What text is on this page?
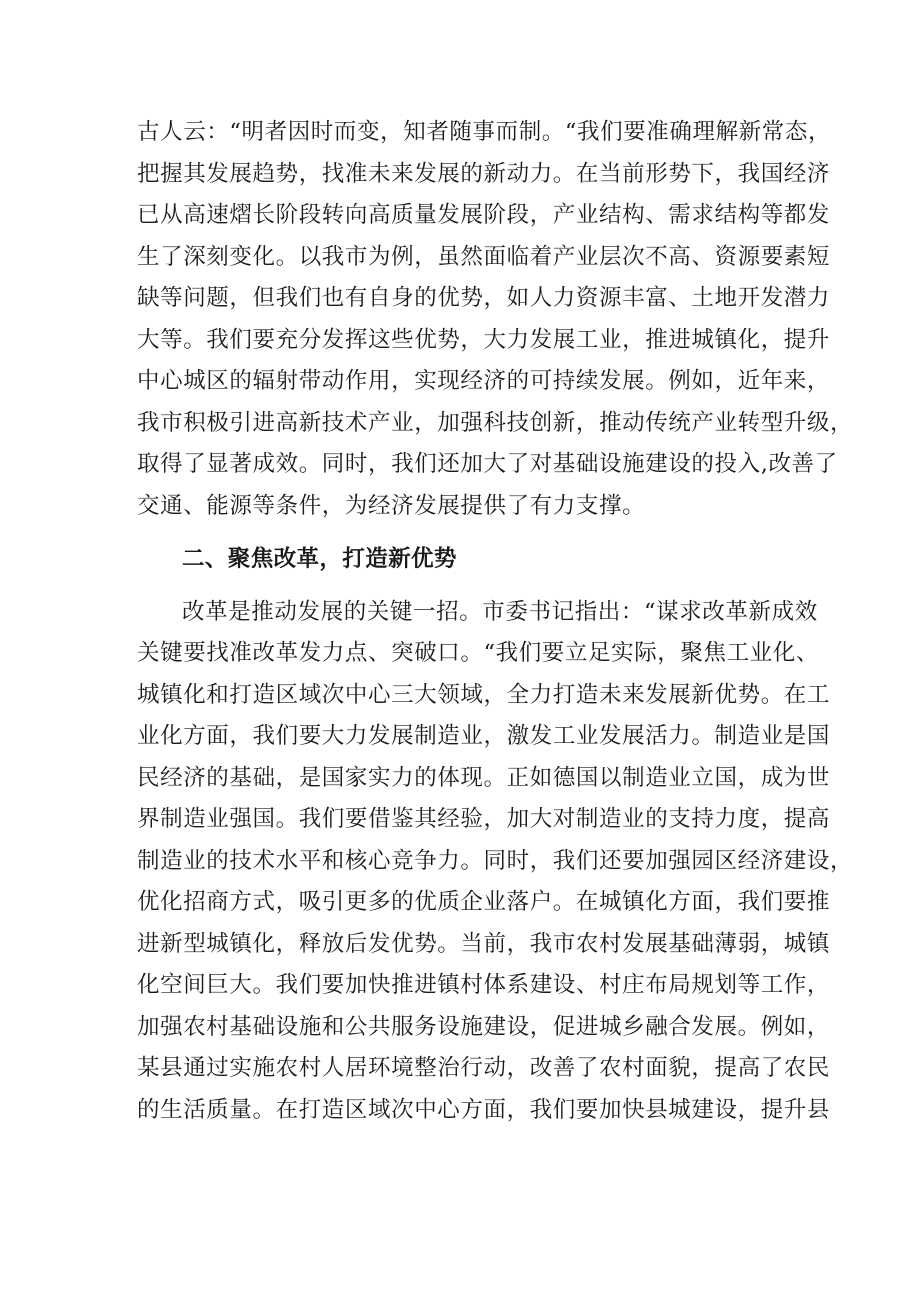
古人云：“明者因时而变，知者随事而制。“我们要准确理解新常态，
把握其发展趋势，找准未来发展的新动力。在当前形势下，我国经济
已从高速熠长阶段转向高质量发展阶段，产业结构、需求结构等都发
生了深刻变化。以我市为例，虽然面临着产业层次不高、资源要素短
缺等问题，但我们也有自身的优势，如人力资源丰富、土地开发潜力
大等。我们要充分发挥这些优势，大力发展工业，推进城镇化，提升
中心城区的辐射带动作用，实现经济的可持续发展。例如，近年来，
我市积极引进高新技术产业，加强科技创新，推动传统产业转型升级，
取得了显著成效。同时，我们还加大了对基础设施建设的投入,改善了
交通、能源等条件，为经济发展提供了有力支撑。
二、聚焦改革，打造新优势
改革是推动发展的关键一招。市委书记指出：“谋求改革新成效
关键要找准改革发力点、突破口。“我们要立足实际，聚焦工业化、
城镇化和打造区域次中心三大领域，全力打造未来发展新优势。在工
业化方面，我们要大力发展制造业，激发工业发展活力。制造业是国
民经济的基础，是国家实力的体现。正如德国以制造业立国，成为世
界制造业强国。我们要借鉴其经验，加大对制造业的支持力度，提高
制造业的技术水平和核心竞争力。同时，我们还要加强园区经济建设，
优化招商方式，吸引更多的优质企业落户。在城镇化方面，我们要推
进新型城镇化，释放后发优势。当前，我市农村发展基础薄弱，城镇
化空间巨大。我们要加快推进镇村体系建设、村庄布局规划等工作，
加强农村基础设施和公共服务设施建设，促进城乡融合发展。例如，
某县通过实施农村人居环境整治行动，改善了农村面貌，提高了农民
的生活质量。在打造区域次中心方面，我们要加快县城建设，提升县
